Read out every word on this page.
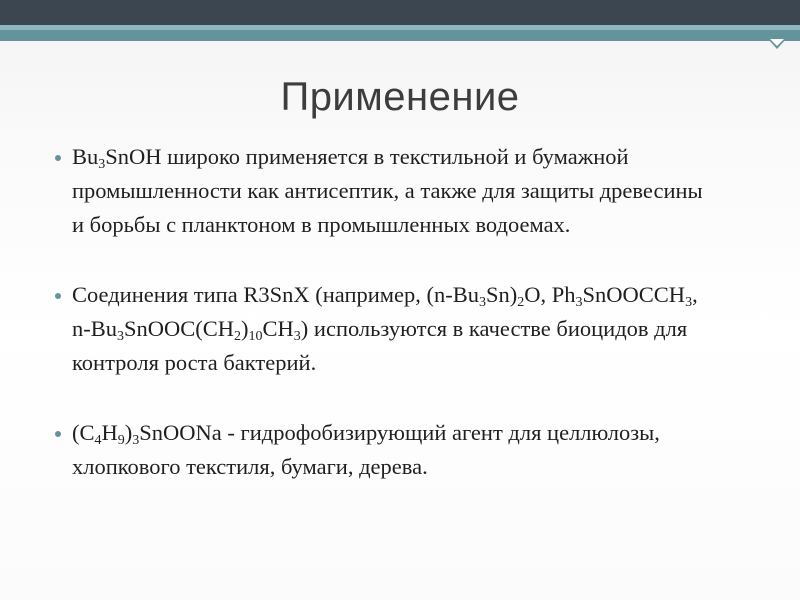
Применение
$Bu_3SnOH$ широко применяется в текстильной и бумажной промышленности как антисептик, а также для защиты древесины и борьбы с планктоном в промышленных водоемах.
Соединения типа R3SnX (например, $(n-Bu_3Sn)_2O$, $Ph_3SnOOCCH_3$, $n-Bu_3SnOOC(CH_2)_{10}CH_3$) используются в качестве биоцидов для контроля роста бактерий.
$(C_4H_9)_3SnOONa$ - гидрофобизирующий агент для целлюлозы, хлопкового текстиля, бумаги, дерева.
